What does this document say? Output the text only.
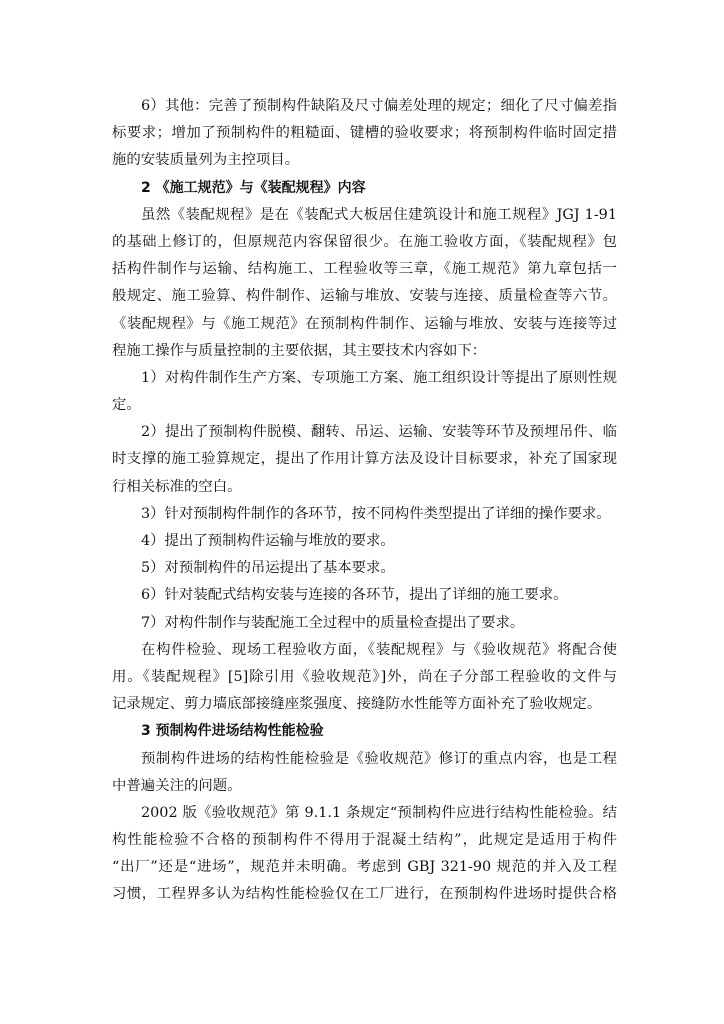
6）其他：完善了预制构件缺陷及尺寸偏差处理的规定；细化了尺寸偏差指
标要求；增加了预制构件的粗糙面、键槽的验收要求；将预制构件临时固定措
施的安装质量列为主控项目。
2 《施工规范》与《装配规程》内容
虽然《装配规程》是在《装配式大板居住建筑设计和施工规程》JGJ 1-91
的基础上修订的，但原规范内容保留很少。在施工验收方面，《装配规程》包
括构件制作与运输、结构施工、工程验收等三章，《施工规范》第九章包括一
般规定、施工验算、构件制作、运输与堆放、安装与连接、质量检查等六节。
《装配规程》与《施工规范》在预制构件制作、运输与堆放、安装与连接等过
程施工操作与质量控制的主要依据，其主要技术内容如下：
1）对构件制作生产方案、专项施工方案、施工组织设计等提出了原则性规
定。
2）提出了预制构件脱模、翻转、吊运、运输、安装等环节及预埋吊件、临
时支撑的施工验算规定，提出了作用计算方法及设计目标要求，补充了国家现
行相关标准的空白。
3）针对预制构件制作的各环节，按不同构件类型提出了详细的操作要求。
4）提出了预制构件运输与堆放的要求。
5）对预制构件的吊运提出了基本要求。
6）针对装配式结构安装与连接的各环节，提出了详细的施工要求。
7）对构件制作与装配施工全过程中的质量检查提出了要求。
在构件检验、现场工程验收方面，《装配规程》与《验收规范》将配合使
用。《装配规程》[5]除引用《验收规范》]外，尚在子分部工程验收的文件与
记录规定、剪力墙底部接缝座浆强度、接缝防水性能等方面补充了验收规定。
3 预制构件进场结构性能检验
预制构件进场的结构性能检验是《验收规范》修订的重点内容，也是工程
中普遍关注的问题。
2002 版《验收规范》第 9.1.1 条规定“预制构件应进行结构性能检验。结
构性能检验不合格的预制构件不得用于混凝土结构”，此规定是适用于构件
“出厂”还是“进场”，规范并未明确。考虑到 GBJ 321-90 规范的并入及工程
习惯，工程界多认为结构性能检验仅在工厂进行，在预制构件进场时提供合格
